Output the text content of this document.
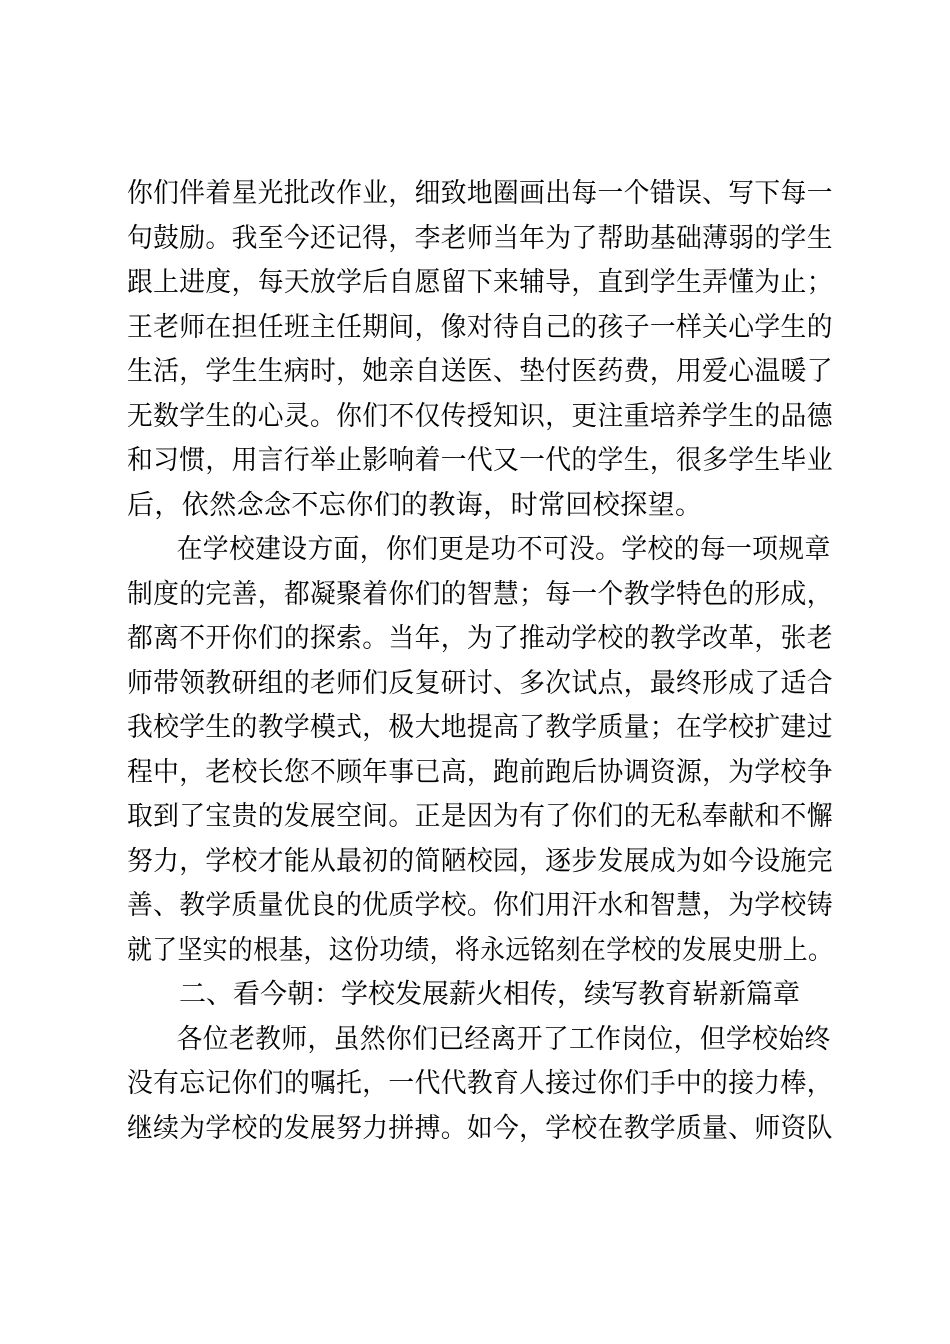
你们伴着星光批改作业，细致地圈画出每一个错误、写下每一
句鼓励。我至今还记得，李老师当年为了帮助基础薄弱的学生
跟上进度，每天放学后自愿留下来辅导，直到学生弄懂为止；
王老师在担任班主任期间，像对待自己的孩子一样关心学生的
生活，学生生病时，她亲自送医、垫付医药费，用爱心温暖了
无数学生的心灵。你们不仅传授知识，更注重培养学生的品德
和习惯，用言行举止影响着一代又一代的学生，很多学生毕业
后，依然念念不忘你们的教诲，时常回校探望。
在学校建设方面，你们更是功不可没。学校的每一项规章
制度的完善，都凝聚着你们的智慧；每一个教学特色的形成，
都离不开你们的探索。当年，为了推动学校的教学改革，张老
师带领教研组的老师们反复研讨、多次试点，最终形成了适合
我校学生的教学模式，极大地提高了教学质量；在学校扩建过
程中，老校长您不顾年事已高，跑前跑后协调资源，为学校争
取到了宝贵的发展空间。正是因为有了你们的无私奉献和不懈
努力，学校才能从最初的简陋校园，逐步发展成为如今设施完
善、教学质量优良的优质学校。你们用汗水和智慧，为学校铸
就了坚实的根基，这份功绩，将永远铭刻在学校的发展史册上。
二、看今朝：学校发展薪火相传，续写教育崭新篇章
各位老教师，虽然你们已经离开了工作岗位，但学校始终
没有忘记你们的嘱托，一代代教育人接过你们手中的接力棒，
继续为学校的发展努力拼搏。如今，学校在教学质量、师资队
